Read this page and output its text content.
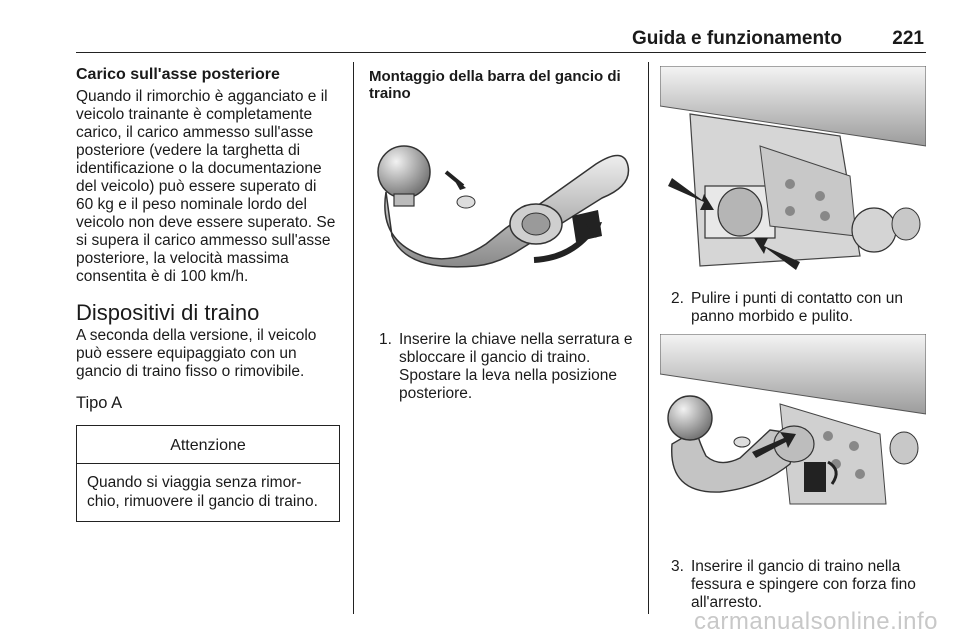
Guida e funzionamento	221
Carico sull'asse posteriore

Quando il rimorchio è agganciato e il

veicolo trainante è completamente

carico, il carico ammesso sull'asse

posteriore (vedere la targhetta di

identificazione o la documentazione

del veicolo) può essere superato di

60 kg e il peso nominale lordo del

veicolo non deve essere superato. Se

si supera il carico ammesso sull'asse

posteriore, la velocità massima

consentita è di 100 km/h.

Dispositivi di traino

A seconda della versione, il veicolo

può essere equipaggiato con un

gancio di traino fisso o rimovibile.

Tipo A
Attenzione

Quando si viaggia senza rimor-

chio, rimuovere il gancio di traino.

Montaggio della barra del gancio di

traino

1. Inserire la chiave nella serratura e

sbloccare il gancio di traino.

Spostare la leva nella posizione

posteriore.

2. Pulire i punti di contatto con un

panno morbido e pulito.

3. Inserire il gancio di traino nella

fessura e spingere con forza fino

all'arresto.

carmanualsonline.info
